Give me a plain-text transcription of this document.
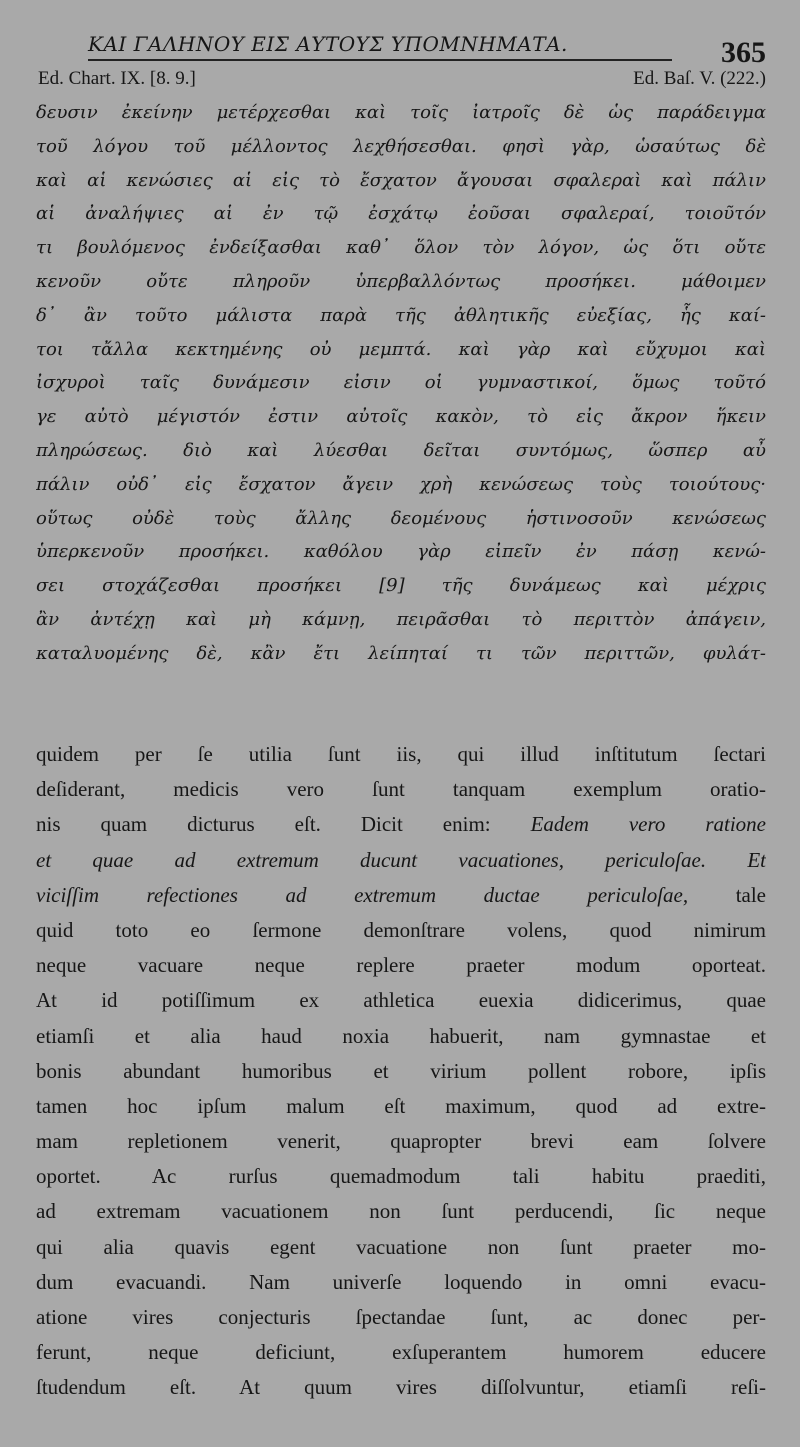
ΚΑΙ ΓΑΛΗΝΟΥ ΕΙΣ ΑΥΤΟΥΣ ΥΠΟΜΝΗΜΑΤΑ.	365
Ed. Chart. IX. [8. 9.]	Ed. Baſ. V. (222.)
δευσιν ἐκείνην μετέρχεσθαι καὶ τοῖς ἰατροῖς δὲ ὡς παράδειγμα
τοῦ λόγου τοῦ μέλλοντος λεχθήσεσθαι. φησὶ γὰρ, ὡσαύτως δὲ
καὶ αἱ κενώσιες αἱ εἰς τὸ ἔσχατον ἄγουσαι σφαλεραὶ καὶ πάλιν
αἱ ἀναλήψιες αἱ ἐν τῷ ἐσχάτῳ ἐοῦσαι σφαλεραί, τοιοῦτόν
τι βουλόμενος ἐνδείξασθαι καθ᾽ ὅλον τὸν λόγον, ὡς ὅτι οὔτε
κενοῦν οὔτε πληροῦν ὑπερβαλλόντως προσήκει. μάθοιμεν
δ᾽ ἂν τοῦτο μάλιστα παρὰ τῆς ἀθλητικῆς εὐεξίας, ἧς καί-
τοι τἄλλα κεκτημένης οὐ μεμπτά. καὶ γὰρ καὶ εὔχυμοι καὶ
ἰσχυροὶ ταῖς δυνάμεσιν εἰσιν οἱ γυμναστικοί, ὅμως τοῦτό
γε αὐτὸ μέγιστόν ἐστιν αὐτοῖς κακὸν, τὸ εἰς ἄκρον ἥκειν
πληρώσεως. διὸ καὶ λύεσθαι δεῖται συντόμως, ὥσπερ αὖ
πάλιν οὐδ᾽ εἰς ἔσχατον ἄγειν χρὴ κενώσεως τοὺς τοιούτους·
οὕτως οὐδὲ τοὺς ἄλλης δεομένους ἡστινοσοῦν κενώσεως
ὑπερκενοῦν προσήκει. καθόλου γὰρ εἰπεῖν ἐν πάσῃ κενώ-
σει στοχάζεσθαι προσήκει [9] τῆς δυνάμεως καὶ μέχρις
ἂν ἀντέχῃ καὶ μὴ κάμνῃ, πειρᾶσθαι τὸ περιττὸν ἀπάγειν,
καταλυομένης δὲ, κἂν ἔτι λείπηταί τι τῶν περιττῶν, φυλάτ-
quidem per ſe utilia ſunt iis, qui illud inſtitutum ſectari
deſiderant, medicis vero ſunt tanquam exemplum oratio-
nis quam dicturus eſt. Dicit enim: Eadem vero ratione
et quae ad extremum ducunt vacuationes, periculoſae. Et
viciſſim refectiones ad extremum ductae periculoſae, tale
quid toto eo ſermone demonſtrare volens, quod nimirum
neque vacuare neque replere praeter modum oporteat.
At id potiſſimum ex athletica euexia didicerimus, quae
etiamſi et alia haud noxia habuerit, nam gymnastae et
bonis abundant humoribus et virium pollent robore, ipſis
tamen hoc ipſum malum eſt maximum, quod ad extre-
mam repletionem venerit, quapropter brevi eam ſolvere
oportet. Ac rurſus quemadmodum tali habitu praediti,
ad extremam vacuationem non ſunt perducendi, ſic neque
qui alia quavis egent vacuatione non ſunt praeter mo-
dum evacuandi. Nam univerſe loquendo in omni evacu-
atione vires conjecturis ſpectandae ſunt, ac donec per-
ferunt, neque deficiunt, exſuperantem humorem educere
ſtudendum eſt. At quum vires diſſolvuntur, etiamſi reſi-
